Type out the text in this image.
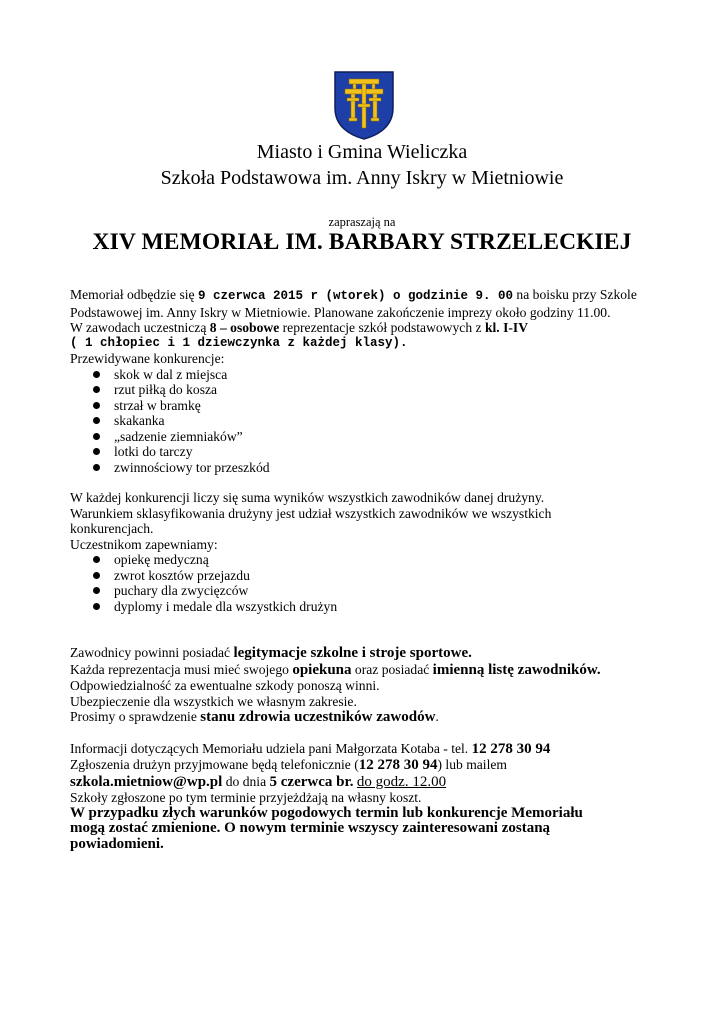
Miasto i Gmina Wieliczka
Szkoła Podstawowa im. Anny Iskry w Mietniowie
zapraszają na
XIV MEMORIAŁ IM. BARBARY STRZELECKIEJ

Memoriał odbędzie się 9 czerwca 2015 r (wtorek) o godzinie 9. 00 na boisku przy Szkole

Podstawowej im. Anny Iskry w Mietniowie. Planowane zakończenie imprezy około godziny 11.00.

W zawodach uczestniczą 8 – osobowe reprezentacje szkół podstawowych z kl. I-IV

( 1 chłopiec i 1 dziewczynka z każdej klasy).

Przewidywane konkurencje:

skok w dal z miejsca
rzut piłką do kosza
strzał w bramkę
skakanka
„sadzenie ziemniaków”
lotki do tarczy
zwinnościowy tor przeszkód

W każdej konkurencji liczy się suma wyników wszystkich zawodników danej drużyny.

Warunkiem sklasyfikowania drużyny jest udział wszystkich zawodników we wszystkich

konkurencjach.

Uczestnikom zapewniamy:

opiekę medyczną
zwrot kosztów przejazdu
puchary dla zwycięzców
dyplomy i medale dla wszystkich drużyn

Zawodnicy powinni posiadać legitymacje szkolne i stroje sportowe.

Każda reprezentacja musi mieć swojego opiekuna oraz posiadać imienną listę zawodników.

Odpowiedzialność za ewentualne szkody ponoszą winni.

Ubezpieczenie dla wszystkich we własnym zakresie.

Prosimy o sprawdzenie stanu zdrowia uczestników zawodów.

Informacji dotyczących Memoriału udziela pani Małgorzata Kotaba - tel. 12 278 30 94

Zgłoszenia drużyn przyjmowane będą telefonicznie (12 278 30 94) lub mailem

szkola.mietniow@wp.pl do dnia 5 czerwca br. do godz. 12.00

Szkoły zgłoszone po tym terminie przyjeżdżają na własny koszt.

W przypadku złych warunków pogodowych termin lub konkurencje Memoriału

mogą zostać zmienione. O nowym terminie wszyscy zainteresowani zostaną

powiadomieni.
